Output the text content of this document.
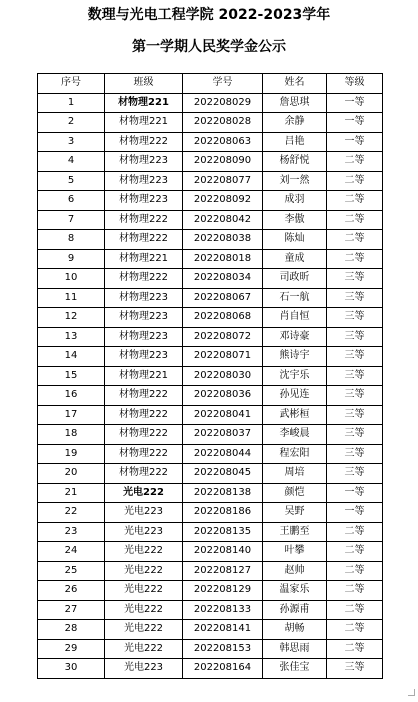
数理与光电工程学院 2022-2023学年
第一学期人民奖学金公示
序号	班级	学号	姓名	等级
1	材物理221	202208029	詹思琪	一等
2	材物理221	202208028	余静	一等
3	材物理222	202208063	吕艳	一等
4	材物理223	202208090	杨舒悦	二等
5	材物理223	202208077	刘一然	二等
6	材物理223	202208092	成羽	二等
7	材物理222	202208042	李傲	二等
8	材物理222	202208038	陈灿	二等
9	材物理221	202208018	童成	二等
10	材物理222	202208034	司政昕	三等
11	材物理223	202208067	石一航	三等
12	材物理223	202208068	肖自恒	三等
13	材物理223	202208072	邓诗豪	三等
14	材物理223	202208071	熊诗宇	三等
15	材物理221	202208030	沈宇乐	三等
16	材物理222	202208036	孙见连	三等
17	材物理222	202208041	武彬桓	三等
18	材物理222	202208037	李峻晨	三等
19	材物理222	202208044	程宏阳	三等
20	材物理222	202208045	周培	三等
21	光电222	202208138	颜恺	一等
22	光电223	202208186	吴野	一等
23	光电223	202208135	王鹏至	二等
24	光电222	202208140	叶攀	二等
25	光电222	202208127	赵帅	二等
26	光电222	202208129	温家乐	二等
27	光电222	202208133	孙源甫	二等
28	光电222	202208141	胡畅	二等
29	光电222	202208153	韩思雨	二等
30	光电223	202208164	张佳宝	三等
